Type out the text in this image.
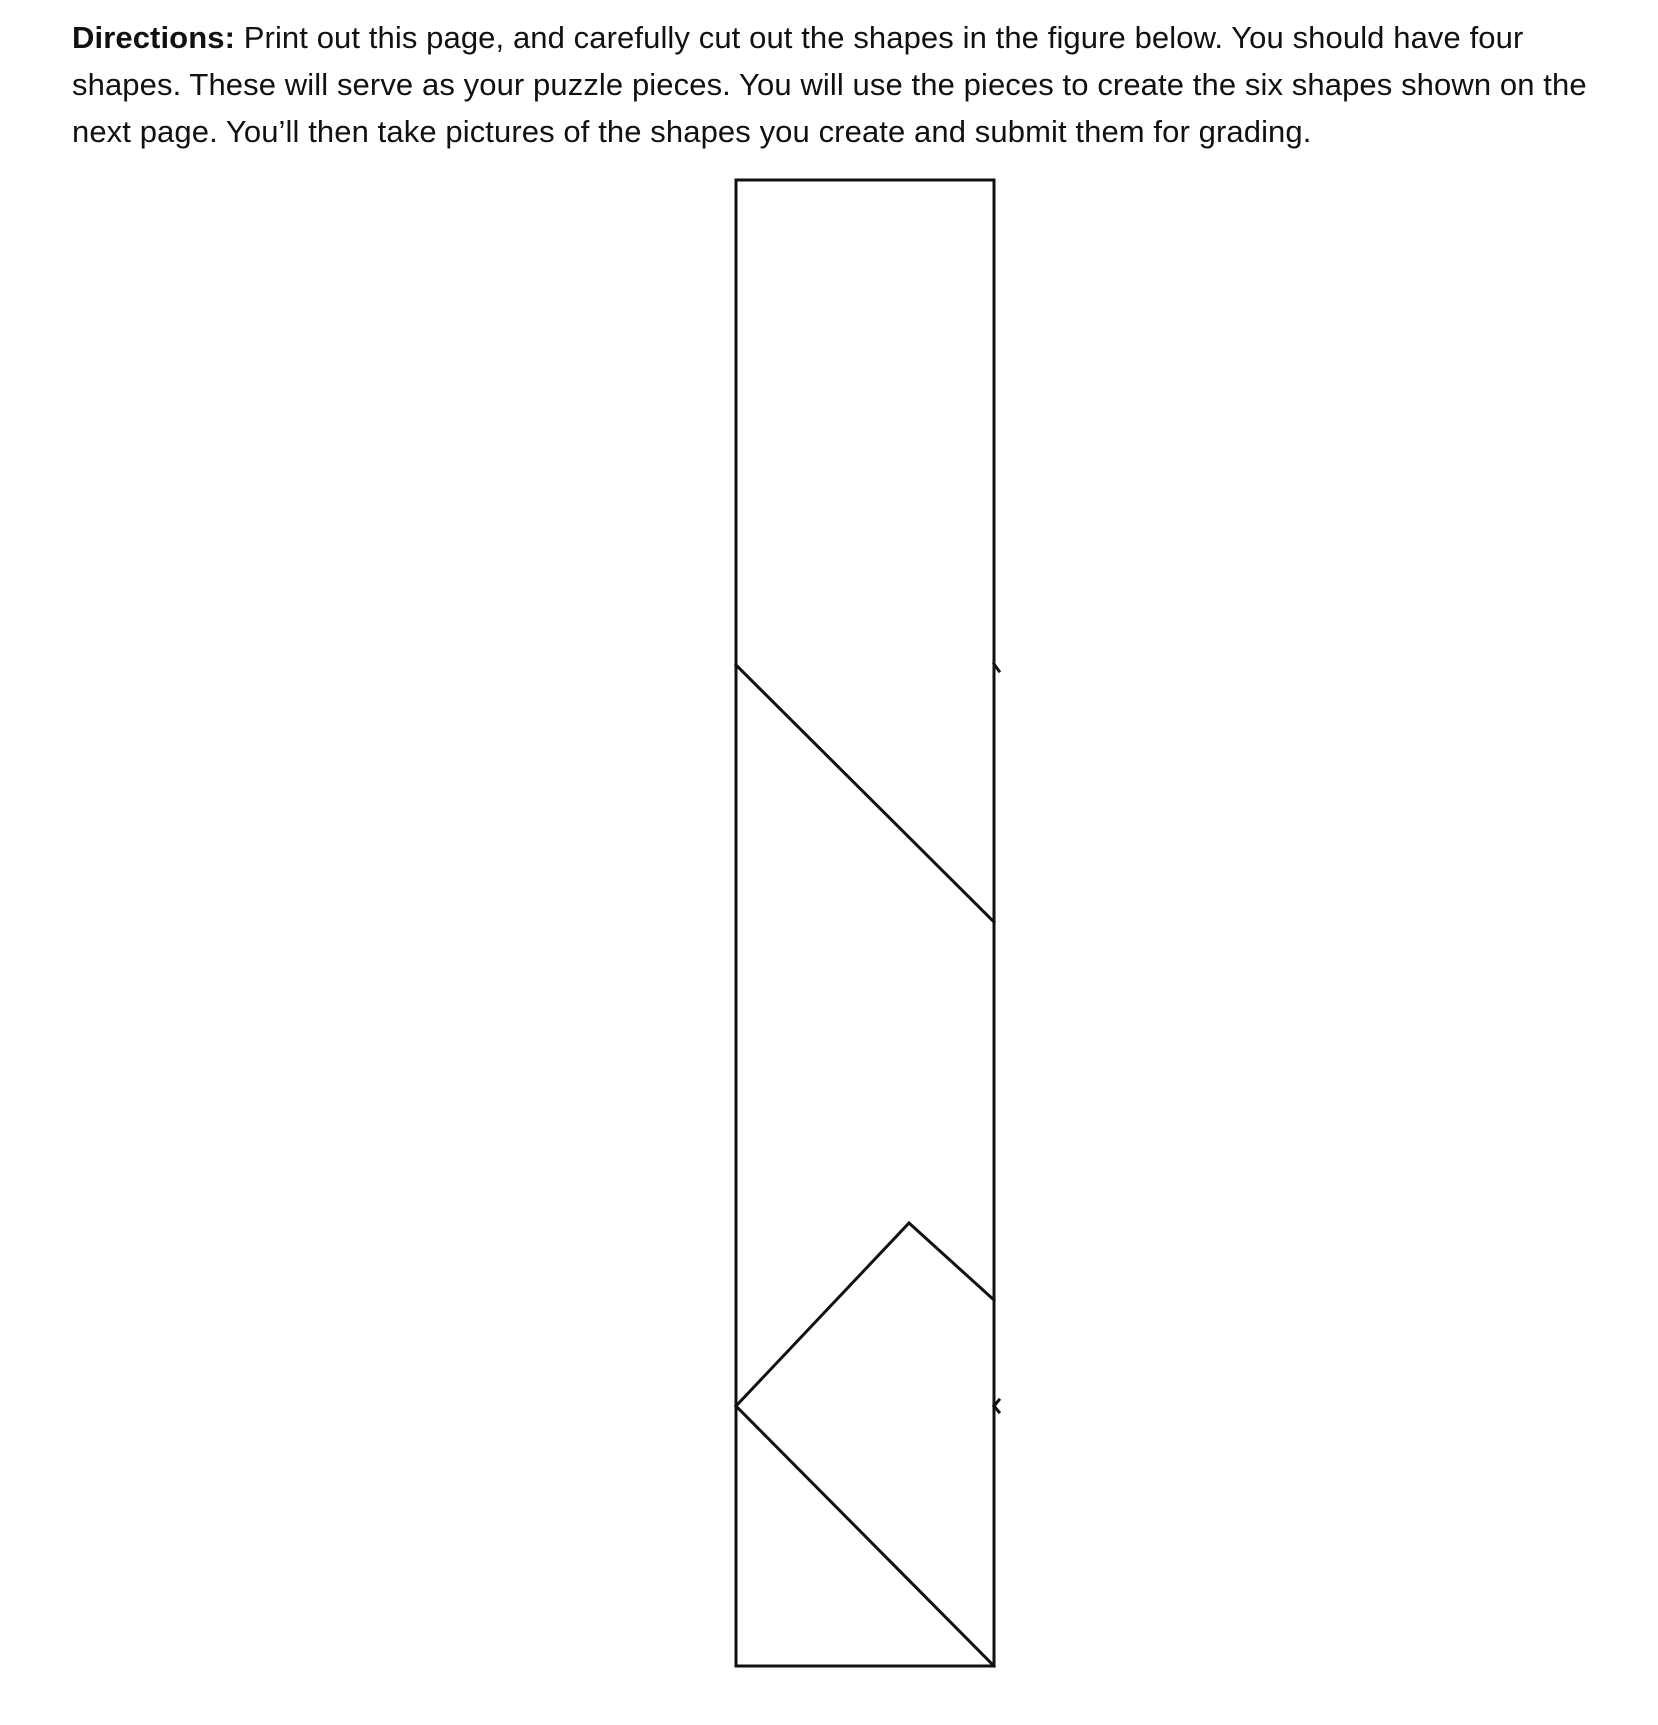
Directions: Print out this page, and carefully cut out the shapes in the figure below. You should have four shapes. These will serve as your puzzle pieces. You will use the pieces to create the six shapes shown on the next page. You’ll then take pictures of the shapes you create and submit them for grading.
